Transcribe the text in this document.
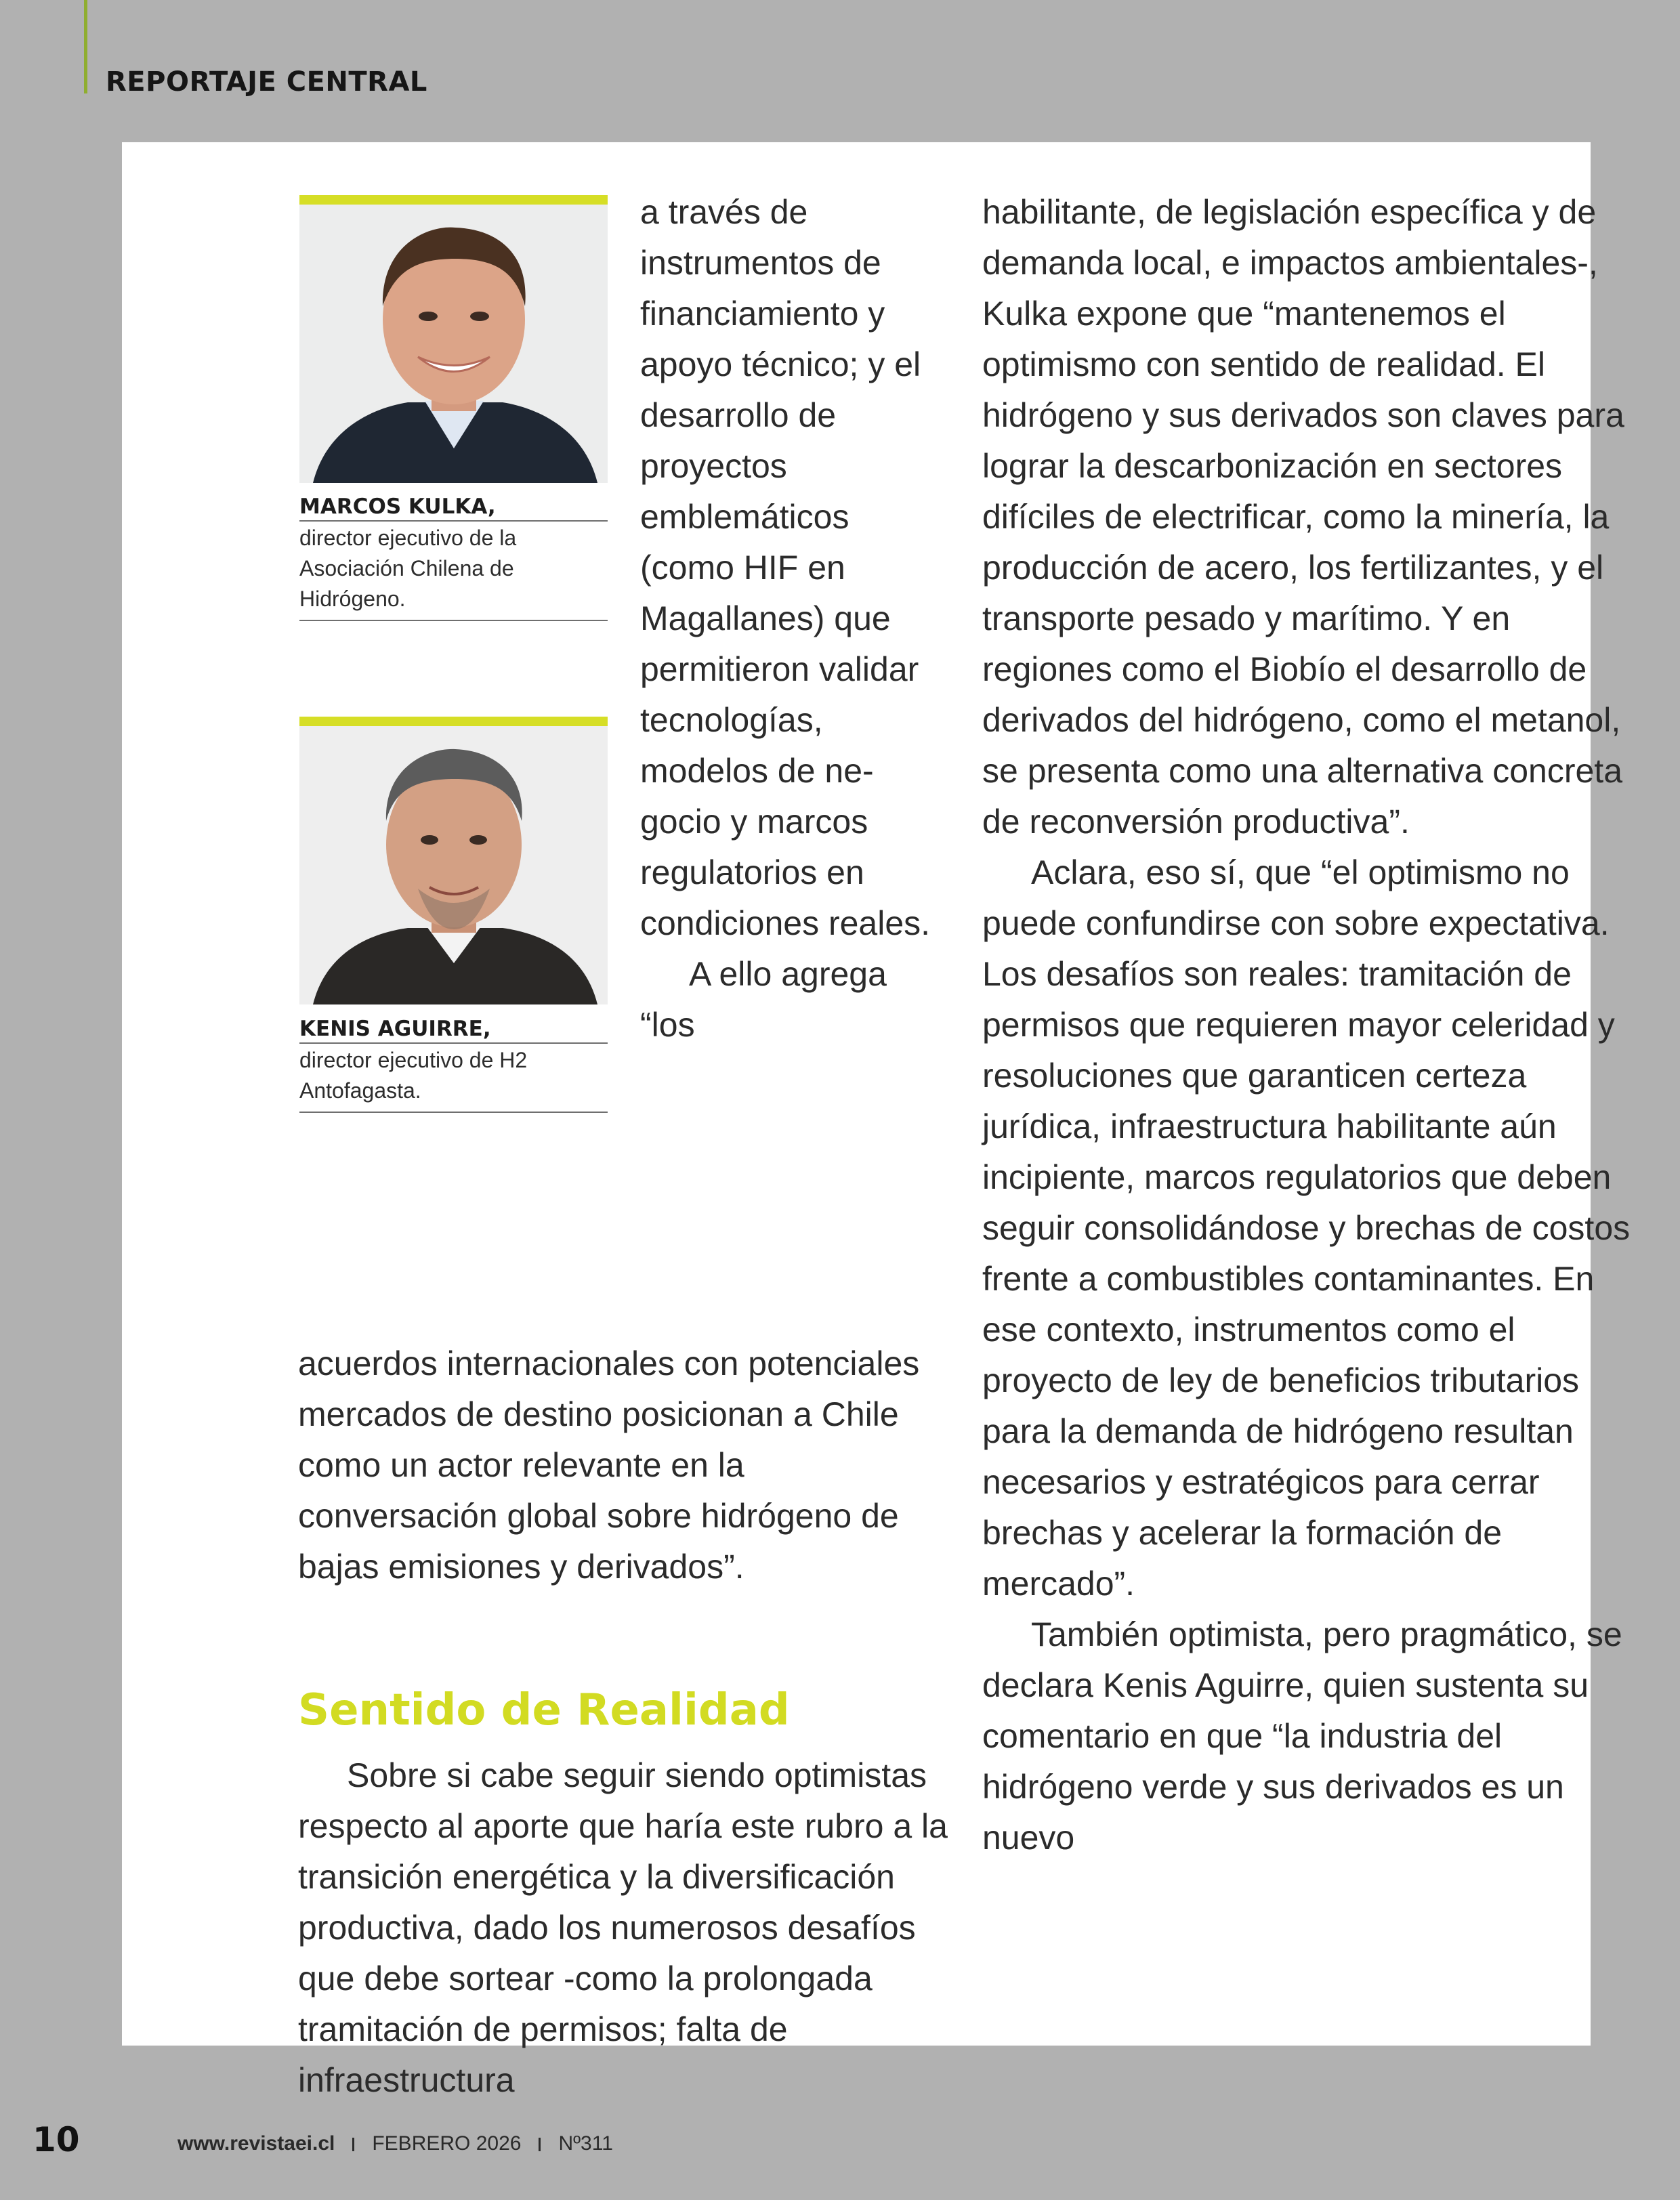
REPORTAJE CENTRAL

MARCOS KULKA,

director ejecutivo de la
Asociación Chilena de
Hidrógeno.

KENIS AGUIRRE,

director ejecutivo de H2
Antofagasta.

a través de instrumentos de financiamiento y apoyo técnico; y el desarrollo de proyectos emblemáticos (como HIF en Magallanes) que permitieron validar tecnologías, modelos de negocio y marcos regulatorios en condiciones reales.

A ello agrega “los

acuerdos internacionales con potenciales mercados de destino posicionan a Chile como un actor relevante en la conversación global sobre hidrógeno de bajas emisiones y derivados”.

Sentido de Realidad

Sobre si cabe seguir siendo optimistas respecto al aporte que haría este rubro a la transición energética y la diversificación productiva, dado los numerosos desafíos que debe sortear -como la prolongada tramitación de permisos; falta de infraestructura

habilitante, de legislación específica y de demanda local, e impactos ambientales-, Kulka expone que “mantenemos el optimismo con sentido de realidad. El hidrógeno y sus derivados son claves para lograr la descarbonización en sectores difíciles de electrificar, como la minería, la producción de acero, los fertilizantes, y el transporte pesado y marítimo. Y en regiones como el Biobío el desarrollo de derivados del hidrógeno, como el metanol, se presenta como una alternativa concreta de reconversión productiva”.

Aclara, eso sí, que “el optimismo no puede confundirse con sobre expectativa. Los desafíos son reales: tramitación de permisos que requieren mayor celeridad y resoluciones que garanticen certeza jurídica, infraestructura habilitante aún incipiente, marcos regulatorios que deben seguir consolidándose y brechas de costos frente a combustibles contaminantes. En ese contexto, instrumentos como el proyecto de ley de beneficios tributarios para la demanda de hidrógeno resultan necesarios y estratégicos para cerrar brechas y acelerar la formación de mercado”.

También optimista, pero pragmático, se declara Kenis Aguirre, quien sustenta su comentario en que “la industria del hidrógeno verde y sus derivados es un nuevo

10	www.revistaei.cl FEBRERO 2026 Nº311
